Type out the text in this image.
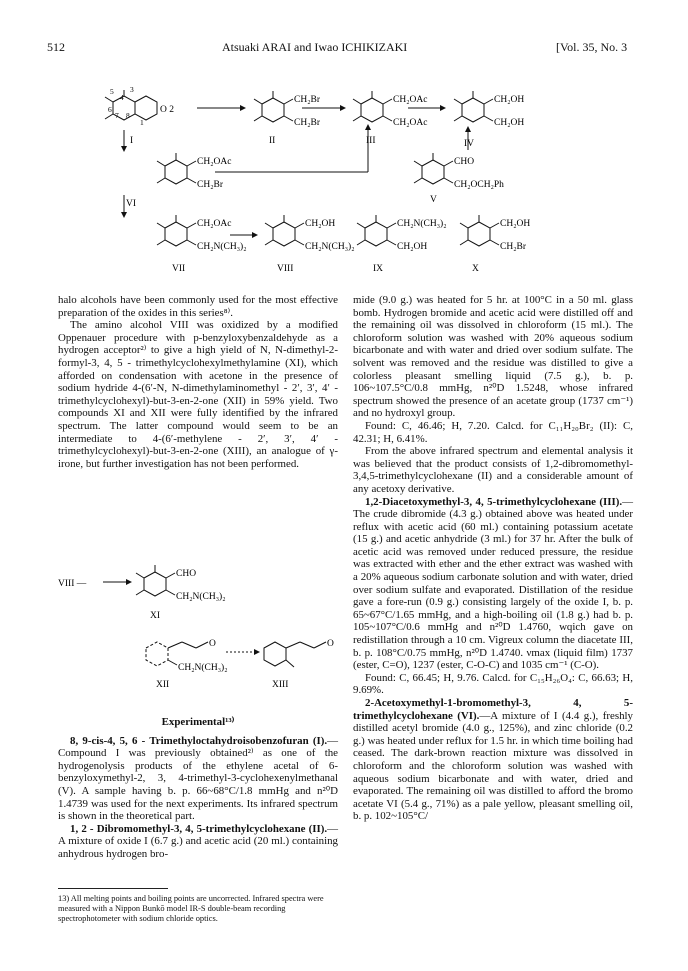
512	Atsuaki ARAI and Iwao ICHIKIZAKI	[Vol. 35, No. 3
5
4
3
6
7 8
1
O 2
CH₂Br
CH₂Br
CH₂OAc
CH₂OAc
CH₂OH
CH₂OH
CH₂OAc
CH₂Br
CHO
CH₂OCH₂Ph
CH₂OAc
CH₂N(CH₃)₂
CH₂OH
CH₂N(CH₃)₂
CH₂N(CH₃)₂
CH₂OH
CH₂OH
CH₂Br
I	II	III	IV
VI	V
VII	VIII	IX	X

halo alcohols have been commonly used for the most effective preparation of the oxides in this series⁸⁾.

The amino alcohol VIII was oxidized by a modified Oppenauer procedure with p-benzyloxybenzaldehyde as a hydrogen acceptor²⁾ to give a high yield of N, N-dimethyl-2-formyl-3, 4, 5 - trimethylcyclohexylmethylamine (XI), which afforded on condensation with acetone in the presence of sodium hydride 4-(6′-N, N-dimethylaminomethyl - 2′, 3′, 4′ - trimethylcyclohexyl)-but-3-en-2-one (XII) in 59% yield. Two compounds XI and XII were fully identified by the infrared spectrum. The latter compound would seem to be an intermediate to 4-(6′-methylene - 2′, 3′, 4′ - trimethylcyclohexyl)-but-3-en-2-one (XIII), an analogue of γ-irone, but further investigation has not been performed.

VIII —
CHO
CH₂N(CH₃)₂
XI
O
CH₂N(CH₃)₂
XII
O
XIII
Experimental¹³⁾

8, 9-cis-4, 5, 6 - Trimethyloctahydroisobenzofuran (I).—Compound I was previously obtained²⁾ as one of the hydrogenolysis products of the ethylene acetal of 6-benzyloxymethyl-2, 3, 4-trimethyl-3-cyclohexenylmethanal (V). A sample having b. p. 66~68°C/1.8 mmHg and n²⁰D 1.4739 was used for the next experiments. Its infrared spectrum is shown in the theoretical part.

1, 2 - Dibromomethyl-3, 4, 5-trimethylcyclohexane (II).—A mixture of oxide I (6.7 g.) and acetic acid (20 ml.) containing anhydrous hydrogen bro-

13) All melting points and boiling points are uncorrected. Infrared spectra were measured with a Nippon Bunkō model IR-S double-beam recording spectrophotometer with sodium chloride optics.

mide (9.0 g.) was heated for 5 hr. at 100°C in a 50 ml. glass bomb. Hydrogen bromide and acetic acid were distilled off and the remaining oil was dissolved in chloroform (15 ml.). The chloroform solution was washed with 20% aqueous sodium bicarbonate and with water and dried over sodium sulfate. The solvent was removed and the residue was distilled to give a colorless pleasant smelling liquid (7.5 g.), b. p. 106~107.5°C/0.8 mmHg, n²⁰D 1.5248, whose infrared spectrum showed the presence of an acetate group (1737 cm⁻¹) and no hydroxyl group.

Found: C, 46.46; H, 7.20. Calcd. for C₁₁H₂₀Br₂ (II): C, 42.31; H, 6.41%.

From the above infrared spectrum and elemental analysis it was believed that the product consists of 1,2-dibromomethyl-3,4,5-trimethylcyclohexane (II) and a considerable amount of any acetoxy derivative.

1,2-Diacetoxymethyl-3, 4, 5-trimethylcyclohexane (III).—The crude dibromide (4.3 g.) obtained above was heated under reflux with acetic acid (60 ml.) containing potassium acetate (15 g.) and acetic anhydride (3 ml.) for 37 hr. After the bulk of acetic acid was removed under reduced pressure, the residue was extracted with ether and the ether extract was washed with a 20% aqueous sodium carbonate solution and with water, dried over sodium sulfate and evaporated. Distillation of the residue gave a fore-run (0.9 g.) consisting largely of the oxide I, b. p. 65~67°C/1.65 mmHg, and a high-boiling oil (1.8 g.) had b. p. 105~107°C/0.6 mmHg and n²⁰D 1.4760, wqich gave on redistillation through a 10 cm. Vigreux column the diacetate III, b. p. 108°C/0.75 mmHg, n²⁰D 1.4740. νmax (liquid film) 1737 (ester, C=O), 1237 (ester, C-O-C) and 1035 cm⁻¹ (C-O).

Found: C, 66.45; H, 9.76. Calcd. for C₁₅H₂₆O₄: C, 66.63; H, 9.69%.

2-Acetoxymethyl-1-bromomethyl-3, 4, 5-trimethylcyclohexane (VI).—A mixture of I (4.4 g.), freshly distilled acetyl bromide (4.0 g., 125%), and zinc chloride (0.2 g.) was heated under reflux for 1.5 hr. in which time boiling had ceased. The dark-brown reaction mixture was dissolved in chloroform and the chloroform solution was washed with aqueous sodium bicarbonate and with water, dried and evaporated. The remaining oil was distilled to afford the bromo acetate VI (5.4 g., 71%) as a pale yellow, pleasant smelling oil, b. p. 102~105°C/
